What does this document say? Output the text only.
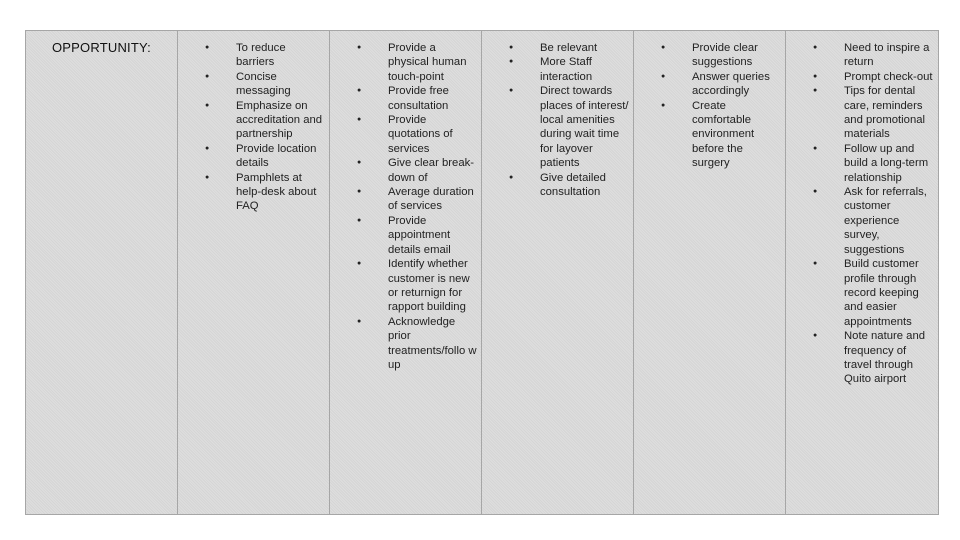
OPPORTUNITY:
●	To reduce barriers
● Concise messaging
● Emphasize on accreditation and partnership
● Provide location details
● Pamphlets at help-desk about FAQ
● Provide a physical human touch-point
● Provide free consultation
● Provide quotations of services
● Give clear break-down of
● Average duration of services
● Provide appointment details email
● Identify whether customer is new or returnign for rapport building
● Acknowledge prior treatments/follo w up
● Be relevant
● More Staff interaction
● Direct towards places of interest/ local amenities during wait time for layover patients
● Give detailed consultation
● Provide clear suggestions
● Answer queries accordingly
● Create comfortable environment before the surgery
● Need to inspire a return
● Prompt check-out
● Tips for dental care, reminders and promotional materials
● Follow up and build a long-term relationship
● Ask for referrals, customer experience survey, suggestions
● Build customer profile through record keeping and easier appointments
● Note nature and frequency of travel through Quito airport
